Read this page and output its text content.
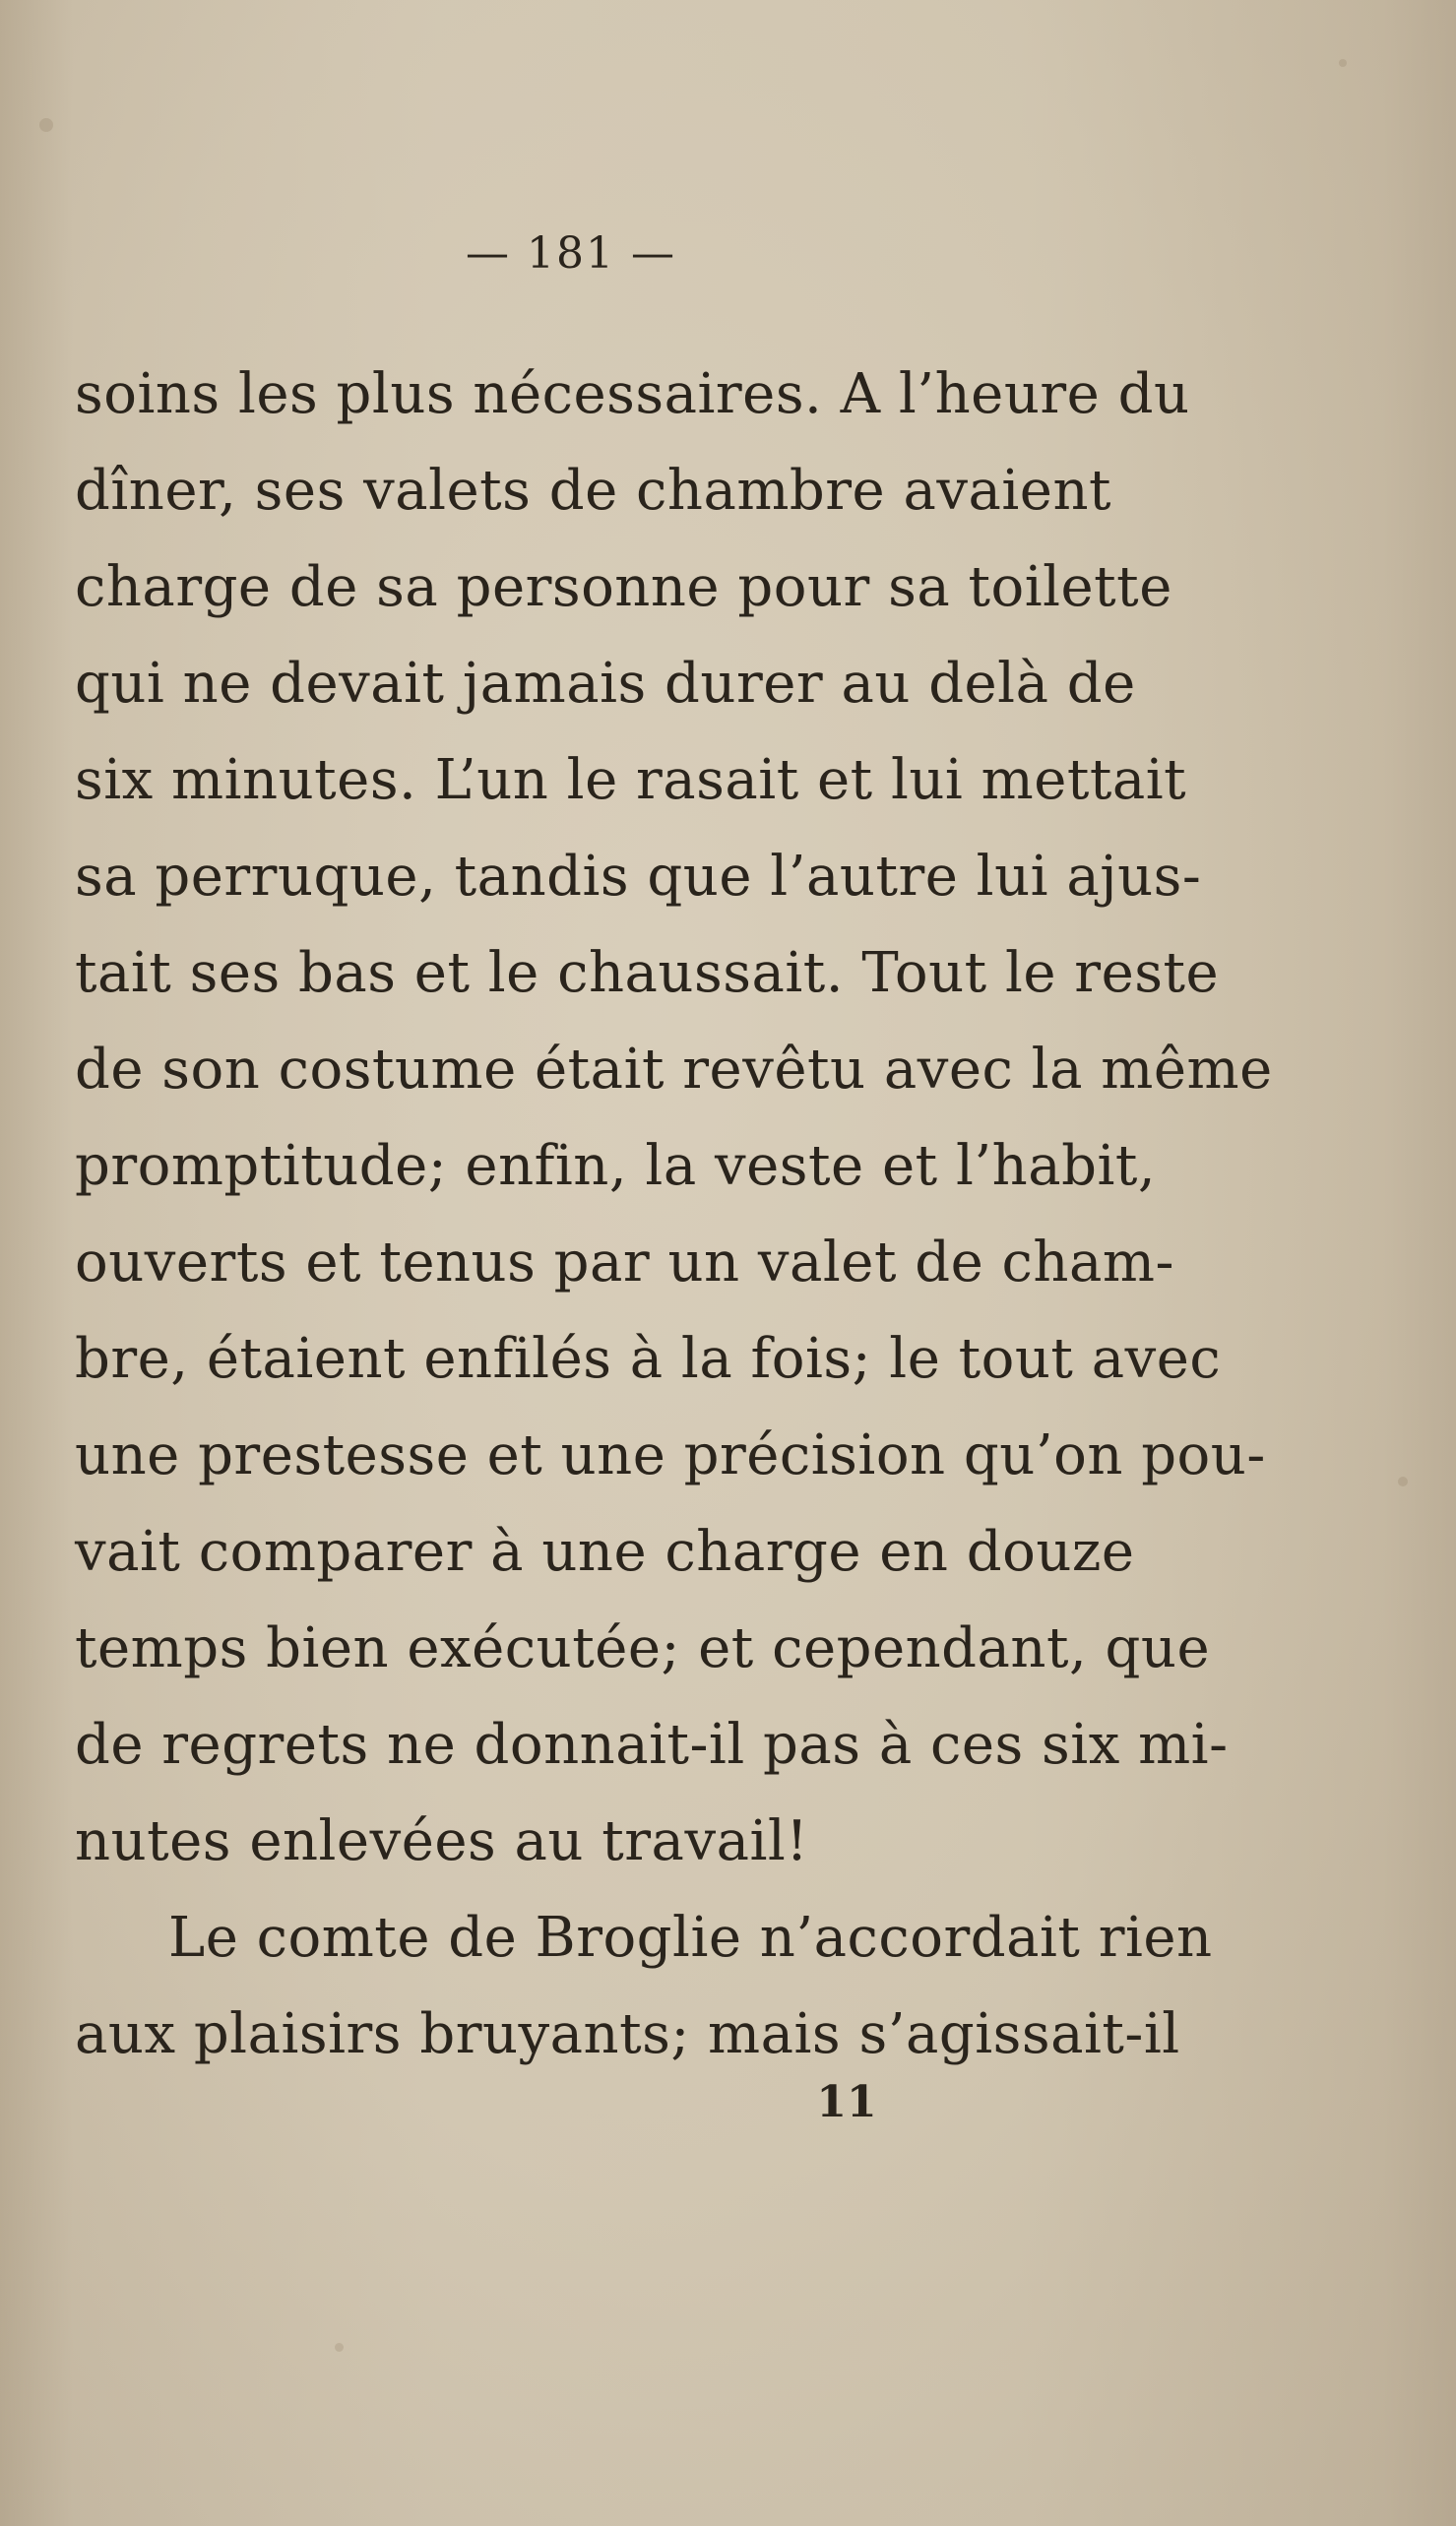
— 181 —
soins les plus nécessaires. A l’heure du
dîner, ses valets de chambre avaient
charge de sa personne pour sa toilette
qui ne devait jamais durer au delà de
six minutes. L’un le rasait et lui mettait
sa perruque, tandis que l’autre lui ajus-
tait ses bas et le chaussait. Tout le reste
de son costume était revêtu avec la même
promptitude; enfin, la veste et l’habit,
ouverts et tenus par un valet de cham-
bre, étaient enfilés à la fois; le tout avec
une prestesse et une précision qu’on pou-
vait comparer à une charge en douze
temps bien exécutée; et cependant, que
de regrets ne donnait-il pas à ces six mi-
nutes enlevées au travail!
Le comte de Broglie n’accordait rien
aux plaisirs bruyants; mais s’agissait-il
11
